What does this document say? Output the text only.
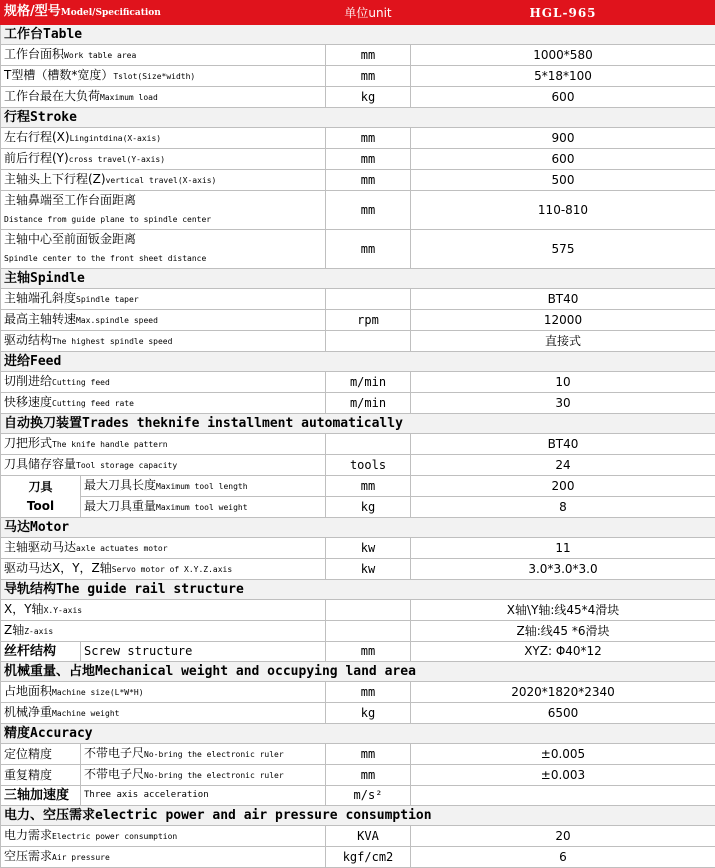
规格/型号Model/Specification		单位unit	HGL-965
工作台Table			
工作台面积Work table area		mm	1000*580
T型槽（槽数*宽度）Tslot(Size*width)		mm	5*18*100
工作台最在大负荷Maximum load		kg	600
行程Stroke			
左右行程(X)Lingintdina(X-axis)		mm	900
前后行程(Y)cross travel(Y-axis)		mm	600
主轴头上下行程(Z)vertical travel(X-axis)		mm	500

主轴鼻端至工作台面距离
Distance from guide plane to spindle center		mm	110-810

主轴中心至前面钣金距离
Spindle center to the front sheet distance		mm	575
主轴Spindle			
主轴端孔斜度Spindle taper			BT40
最高主轴转速Max.spindle speed		rpm	12000
驱动结构The highest spindle speed			直接式
进给Feed			
切削进给Cutting feed		m/min	10
快移速度Cutting feed rate		m/min	30
自动换刀装置Trades theknife installment automatically			
刀把形式The knife handle pattern			BT40
刀具储存容量Tool storage capacity		tools	24

刀具
Tool	最大刀具长度Maximum tool length	mm	200
	最大刀具重量Maximum tool weight	kg	8
马达Motor			
主轴驱动马达axle actuates motor		kw	11
驱动马达X，Y，Z轴Servo motor of X.Y.Z.axis		kw	3.0*3.0*3.0
导轨结构The guide rail structure			
X，Y轴X.Y-axis			X轴\Y轴:线45*4滑块
Z轴Z-axis			Z轴:线45 *6滑块
丝杆结构	Screw structure	mm	XYZ: Φ40*12
机械重量、占地Mechanical weight and occupying land area			
占地面积Machine size(L*W*H)		mm	2020*1820*2340
机械净重Machine weight		kg	6500
精度Accuracy			
定位精度	不带电子尺No-bring the electronic ruler	mm	±0.005
重复精度	不带电子尺No-bring the electronic ruler	mm	±0.003
三轴加速度	Three axis acceleration	m/s²	
电力、空压需求electric power and air pressure consumption			
电力需求Electric power consumption		KVA	20
空压需求Air pressure		kgf/cm2	6
